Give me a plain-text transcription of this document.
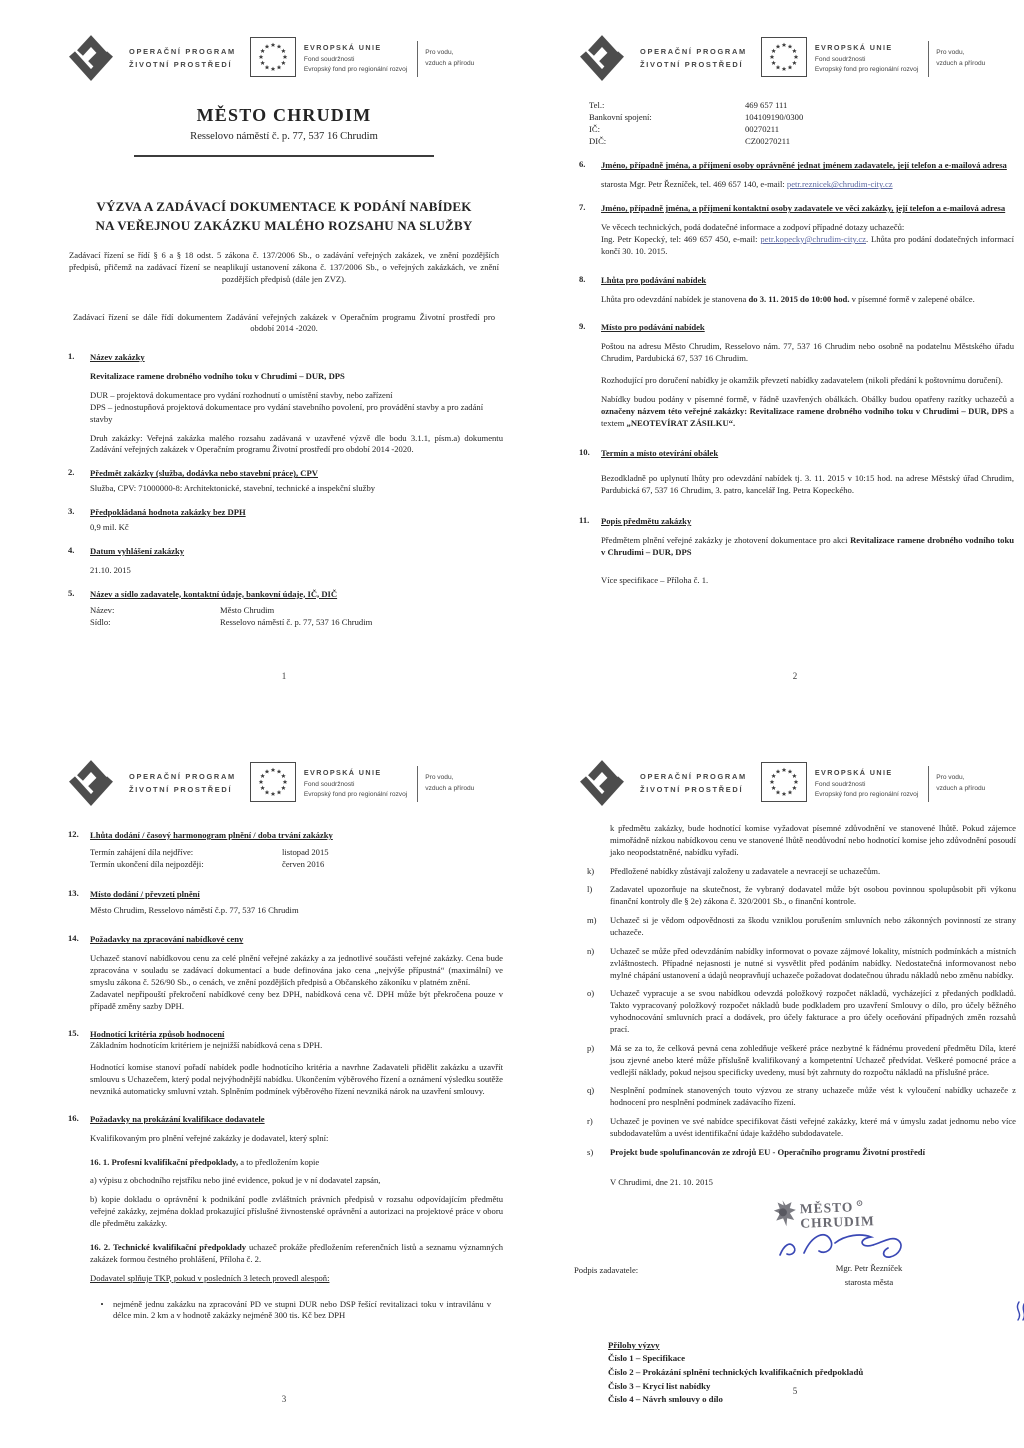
OPERAČNÍ PROGRAM
ŽIVOTNÍ PROSTŘEDÍ
EVROPSKÁ UNIE
Fond soudržnosti
Evropský fond pro regionální rozvoj
Pro vodu,
vzduch a přírodu
MĚSTO CHRUDIM
Resselovo náměstí č. p. 77, 537 16 Chrudim
VÝZVA A ZADÁVACÍ DOKUMENTACE K PODÁNÍ NABÍDEK
NA VEŘEJNOU ZAKÁZKU MALÉHO ROZSAHU NA SLUŽBY

Zadávací řízení se řídí § 6 a § 18 odst. 5 zákona č. 137/2006 Sb., o zadávání veřejných zakázek, ve znění pozdějších předpisů, přičemž na zadávací řízení se neaplikují ustanovení zákona č. 137/2006 Sb., o veřejných zakázkách, ve znění pozdějších předpisů (dále jen ZVZ).

Zadávací řízení se dále řídí dokumentem Zadávání veřejných zakázek v Operačním programu Životní prostředí pro období 2014 -2020.

1.	Název zakázky

Revitalizace ramene drobného vodního toku v Chrudimi – DUR, DPS

DUR – projektová dokumentace pro vydání rozhodnutí o umístění stavby, nebo zařízení

DPS – jednostupňová projektová dokumentace pro vydání stavebního povolení, pro provádění stavby a pro zadání stavby

Druh zakázky: Veřejná zakázka malého rozsahu zadávaná v uzavřené výzvě dle bodu 3.1.1, písm.a) dokumentu Zadávání veřejných zakázek v Operačním programu Životní prostředí pro období 2014 -2020.

2.	Předmět zakázky (služba, dodávka nebo stavební práce), CPV

Služba, CPV: 71000000-8: Architektonické, stavební, technické a inspekční služby

3.	Předpokládaná hodnota zakázky bez DPH

0,9 mil. Kč

4.	Datum vyhlášení zakázky

21.10. 2015

5.	Název a sídlo zadavatele, kontaktní údaje, bankovní údaje, IČ, DIČ
Název:	Město Chrudim
Sídlo:	Resselovo náměstí č. p. 77, 537 16 Chrudim
1
OPERAČNÍ PROGRAM
ŽIVOTNÍ PROSTŘEDÍ
EVROPSKÁ UNIE
Fond soudržnosti
Evropský fond pro regionální rozvoj
Pro vodu,
vzduch a přírodu
Tel.:	469 657 111
Bankovní spojení:	104109190/0300
IČ:	00270211
DIČ:	CZ00270211
6.	Jméno, případně jména, a příjmení osoby oprávněné jednat jménem zadavatele, její telefon a e-mailová adresa

starosta Mgr. Petr Řezníček, tel. 469 657 140, e-mail: petr.reznicek@chrudim-city.cz

7.	Jméno, případně jména, a příjmení kontaktní osoby zadavatele ve věci zakázky, její telefon a e-mailová adresa

Ve věcech technických, podá dodatečné informace a zodpoví případné dotazy uchazečů:
Ing. Petr Kopecký, tel: 469 657 450, e-mail: petr.kopecky@chrudim-city.cz. Lhůta pro podání dodatečných informací končí 30. 10. 2015.

8.	Lhůta pro podávání nabídek

Lhůta pro odevzdání nabídek je stanovena do 3. 11. 2015 do 10:00 hod. v písemné formě v zalepené obálce.

9.	Místo pro podávání nabídek

Poštou na adresu Město Chrudim, Resselovo nám. 77, 537 16 Chrudim nebo osobně na podatelnu Městského úřadu Chrudim, Pardubická 67, 537 16 Chrudim.

Rozhodující pro doručení nabídky je okamžik převzetí nabídky zadavatelem (nikoli předání k poštovnímu doručení).

Nabídky budou podány v písemné formě, v řádně uzavřených obálkách. Obálky budou opatřeny razítky uchazečů a označeny názvem této veřejné zakázky: Revitalizace ramene drobného vodního toku v Chrudimi – DUR, DPS a textem „NEOTEVÍRAT ZÁSILKU“.

10.	Termín a místo otevírání obálek

Bezodkladně po uplynutí lhůty pro odevzdání nabídek tj. 3. 11. 2015 v 10:15 hod. na adrese Městský úřad Chrudim, Pardubická 67, 537 16 Chrudim, 3. patro, kancelář Ing. Petra Kopeckého.

11.	Popis předmětu zakázky

Předmětem plnění veřejné zakázky je zhotovení dokumentace pro akci Revitalizace ramene drobného vodního toku v Chrudimi – DUR, DPS

Více specifikace – Příloha č. 1.

2
OPERAČNÍ PROGRAM
ŽIVOTNÍ PROSTŘEDÍ
EVROPSKÁ UNIE
Fond soudržnosti
Evropský fond pro regionální rozvoj
Pro vodu,
vzduch a přírodu
12.	Lhůta dodání / časový harmonogram plnění / doba trvání zakázky
Termín zahájení díla nejdříve:	listopad 2015
Termín ukončení díla nejpozději:	červen 2016
13.	Místo dodání / převzetí plnění

Město Chrudim, Resselovo náměstí č.p. 77, 537 16 Chrudim

14.	Požadavky na zpracování nabídkové ceny

Uchazeč stanoví nabídkovou cenu za celé plnění veřejné zakázky a za jednotlivé součásti veřejné zakázky. Cena bude zpracována v souladu se zadávací dokumentací a bude definována jako cena „nejvýše přípustná“ (maximální) ve smyslu zákona č. 526/90 Sb., o cenách, ve znění pozdějších předpisů a Občanského zákoníku v platném znění.

Zadavatel nepřipouští překročení nabídkové ceny bez DPH, nabídková cena vč. DPH může být překročena pouze v případě změny sazby DPH.

15.	Hodnotící kritéria způsob hodnocení

Základním hodnotícím kritériem je nejnižší nabídková cena s DPH.

Hodnotící komise stanoví pořadí nabídek podle hodnotícího kritéria a navrhne Zadavateli přidělit zakázku a uzavřít smlouvu s Uchazečem, který podal nejvýhodnější nabídku. Ukončením výběrového řízení a oznámení výsledku soutěže nevzniká automaticky smluvní vztah. Splněním podmínek výběrového řízení nevzniká nárok na uzavření smlouvy.

16.	Požadavky na prokázání kvalifikace dodavatele

Kvalifikovaným pro plnění veřejné zakázky je dodavatel, který splní:

16. 1. Profesní kvalifikační předpoklady, a to předložením kopie

a) výpisu z obchodního rejstříku nebo jiné evidence, pokud je v ní dodavatel zapsán,

b) kopie dokladu o oprávnění k podnikání podle zvláštních právních předpisů v rozsahu odpovídajícím předmětu veřejné zakázky, zejména doklad prokazující příslušné živnostenské oprávnění a autorizaci na projektové práce v oboru dle předmětu zakázky.

16. 2. Technické kvalifikační předpoklady uchazeč prokáže předložením referenčních listů a seznamu významných zakázek formou čestného prohlášení, Příloha č. 2.

Dodavatel splňuje TKP, pokud v posledních 3 letech provedl alespoň:

•	nejméně jednu zakázku na zpracování PD ve stupni DUR nebo DSP řešící revitalizaci toku v intravilánu v délce min. 2 km a v hodnotě zakázky nejméně 300 tis. Kč bez DPH
3
OPERAČNÍ PROGRAM
ŽIVOTNÍ PROSTŘEDÍ
EVROPSKÁ UNIE
Fond soudržnosti
Evropský fond pro regionální rozvoj
Pro vodu,
vzduch a přírodu

k předmětu zakázky, bude hodnotící komise vyžadovat písemné zdůvodnění ve stanovené lhůtě. Pokud zájemce mimořádně nízkou nabídkovou cenu ve stanovené lhůtě neodůvodní nebo hodnotící komise jeho zdůvodnění posoudí jako neopodstatněné, nabídku vyřadí.

k)	Předložené nabídky zůstávají založeny u zadavatele a nevracejí se uchazečům.
l)	Zadavatel upozorňuje na skutečnost, že vybraný dodavatel může být osobou povinnou spolupůsobit při výkonu finanční kontroly dle § 2e) zákona č. 320/2001 Sb., o finanční kontrole.
m)	Uchazeč si je vědom odpovědnosti za škodu vzniklou porušením smluvních nebo zákonných povinností ze strany uchazeče.
n)	Uchazeč se může před odevzdáním nabídky informovat o povaze zájmové lokality, místních podmínkách a místních zvláštnostech. Případné nejasnosti je nutné si vysvětlit před podáním nabídky. Nedostatečná informovanost nebo mylné chápání ustanovení a údajů neopravňují uchazeče požadovat dodatečnou úhradu nákladů nebo změnu nabídky.
o)	Uchazeč vypracuje a se svou nabídkou odevzdá položkový rozpočet nákladů, vycházející z předaných podkladů. Takto vypracovaný položkový rozpočet nákladů bude podkladem pro uzavření Smlouvy o dílo, pro účely běžného vyhodnocování smluvních prací a dodávek, pro účely fakturace a pro účely oceňování případných změn rozsahů prací.
p)	Má se za to, že celková pevná cena zohledňuje veškeré práce nezbytné k řádnému provedení předmětu Díla, které jsou zjevné anebo které může příslušně kvalifikovaný a kompetentní Uchazeč předvídat. Veškeré pomocné práce a vedlejší náklady, pokud nejsou specificky uvedeny, musí být zahrnuty do rozpočtu nákladů na příslušné práce.
q)	Nesplnění podmínek stanovených touto výzvou ze strany uchazeče může vést k vyloučení nabídky uchazeče z hodnocení pro nesplnění podmínek zadávacího řízení.
r)	Uchazeč je povinen ve své nabídce specifikovat části veřejné zakázky, které má v úmyslu zadat jednomu nebo více subdodavatelům a uvést identifikační údaje každého subdodavatele.
s)	Projekt bude spolufinancován ze zdrojů EU - Operačního programu Životní prostředí

V Chrudimi, dne 21. 10. 2015

Podpis zadavatele:
MĚSTO ⊙
CHRUDIM
Mgr. Petr Řezníček
starosta města
Přílohy výzvy
Číslo 1 – Specifikace
Číslo 2 – Prokázání splnění technických kvalifikačních předpokladů
Číslo 3 – Krycí list nabídky
Číslo 4 – Návrh smlouvy o dílo
5
